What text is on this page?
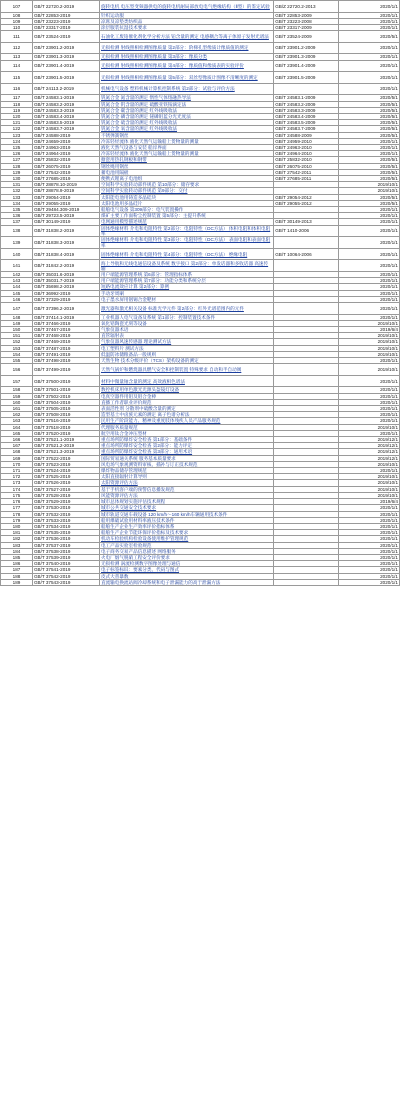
107	GB/T 22720.2-2019	旋转电机 电压型变频器供电的旋转电机耐局部放电电气绝缘结构（Ⅱ型）的鉴定试验	GB/Z 22720.2-2013	2020/1/1
108	GB/T 22853-2019	针织运动服	GB/T 22853-2009	2020/1/1
109	GB/T 23223-2019	凉席及凉垫类纺织品	GB/T 23223-2008	2020/1/1
110	GB/T 23317-2019	涂层服装抗湿技术要求	GB/T 23317-2009	2020/1/1
111	GB/T 23524-2019	石油化工废铂催化剂化学分析方法 铂含量的测定 电感耦合等离子体原子发射光谱法	GB/T 23524-2009	2020/5/1
112	GB/T 23901.2-2019	无损检测 射线照相检测图像质量 第2部分：阶梯孔型像质计像质值的测定	GB/T 23901.2-2009	2020/1/1
113	GB/T 23901.3-2019	无损检测 射线照相检测图像质量 第3部分：像质分类	GB/T 23901.3-2009	2020/1/1
114	GB/T 23901.4-2019	无损检测 射线照相检测图像质量 第4部分：像质值和像质表的实验评价	GB/T 23901.4-2009	2020/1/1
115	GB/T 23901.5-2019	无损检测 射线照相检测图像质量 第5部分：双丝型像质计图像不清晰度的测定	GB/T 23901.5-2009	2020/1/1
116	GB/T 24113.2-2019	机械电气设备 塑料机械计算机控制系统 第2部分：试验与评价方法		2020/1/1
117	GB/T 24583.1-2019	钒氮合金 氮含量的测定 惰性气体熔融热导法	GB/T 24583.1-2009	2020/5/1
118	GB/T 24583.2-2019	钒氮合金 钒含量的测定 硫酸亚铁铵滴定法	GB/T 24583.2-2009	2020/5/1
119	GB/T 24583.3-2019	钒氮合金 碳含量的测定 红外线吸收法	GB/T 24583.3-2009	2020/5/1
120	GB/T 24583.4-2019	钒氮合金 磷含量的测定 铋磷钼蓝分光光度法	GB/T 24583.4-2009	2020/5/1
121	GB/T 24583.5-2019	钒氮合金 硫含量的测定 红外线吸收法	GB/T 24583.5-2009	2020/5/1
122	GB/T 24583.7-2019	钒氮合金 氧含量的测定 红外线吸收法	GB/T 24583.7-2009	2020/5/1
123	GB/T 24588-2019	不锈弹簧钢丝	GB/T 24588-2009	2020/5/1
124	GB/T 24659-2019	冷冻轻烃流体 液化天然气运输船上货物量的测量	GB/T 24959-2010	2020/1/1
125	GB/T 24963-2019	液化天然气设备与安装 船岸界面	GB/T 24963-2010	2020/1/1
126	GB/T 24964-2019	冷冻轻烃流体 液化天然气运输船上货物量的测量	GB/T 24964-2010	2020/1/1
127	GB/T 25832-2019	搪瓷用热轧钢板和钢带	GB/T 25832-2010	2020/5/1
128	GB/T 26075-2019	钢丝绳用钢丝	GB/T 26075-2010	2020/5/1
129	GB/T 27542-2019	蓄电池用隔板	GB/T 27542-2011	2020/5/1
130	GB/T 27685-2019	便携式锂离子电池组	GB/T 27685-2011	2020/5/1
131	GB/T 28878.10-2019	空间科学实验转动部件规范 第10部分：储存要求		2019/10/1
132	GB/T 28878.9-2019	空间科学实验转动部件规范 第9部分：交付		2019/10/1
133	GB/T 29054-2019	太阳能电池用铸造多晶硅块	GB/T 29054-2012	2020/5/1
134	GB/T 29055-2019	太阳电池用多晶硅片	GB/T 29055-2012	2020/5/1
135	GB/T 29484.309-2019	船舶电气设备 第309部分：电气装置操作		2020/1/1
136	GB/T 29723.5-2019	煤矿主要工作面粉尘控制装置 第5部分：主提升系统		2020/1/1
137	GB/T 30149-2019	电网通用模型描述规范	GB/T 30149-2013	2020/1/1
138	GB/T 31838.2-2019	固体绝缘材料 介电和电阻特性 第2部分：电阻特性（DC方法） 体积电阻和体积电阻率	GB/T 1410-2006	2020/1/1
139	GB/T 31838.3-2019	固体绝缘材料 介电和电阻特性 第3部分：电阻特性（DC方法） 表面电阻和表面电阻率		2020/1/1
140	GB/T 31838.4-2019	固体绝缘材料 介电和电阻特性 第4部分：电阻特性（DC方法） 绝缘电阻	GB/T 10064-2006	2020/1/1
141	GB/T 31842.2-2019	海上导航和无线电通信设备及系统 数字接口 第2部分：单发话器和多收话器 高速传输		2020/1/1
142	GB/T 35031.6-2019	用户端能源管理系统 第6部分：管理指标体系		2020/1/1
143	GB/T 35031.7-2019	用户端能源管理系统 第7部分：功能分类和系统分层		2020/1/1
144	GB/T 35698.2-2019	短路电流效应计算 第2部分：算例		2020/1/1
145	GB/T 36992-2019	手动牙周刷		2020/1/1
146	GB/T 37329-2019	电子墨水屏用铟锡合金靶材		2020/1/1
147	GB/T 37396.2-2019	激光器和激光相关设备 标准光学元件 第2部分：红外光谱范围内的元件		2020/1/1
148	GB/T 37414.1-2019	工业机器人电气设备及系统 第1部分：控制装置技术条件		2020/1/1
149	GB/T 37466-2019	氧化锆陶瓷光刻等设备		2019/10/1
150	GB/T 37467-2019	气象仪器术语		2019/6/4
151	GB/T 37468-2019	直管辐射表		2019/10/1
152	GB/T 37469-2019	气象仪器风速传感器 理论测试方法		2019/10/1
153	GB/T 37487-2019	电工塑料片 测试方法		2019/10/1
154	GB/T 37491-2019	低温防冰储粮备品一般规则		2019/10/1
155	GB/T 37498-2019	天然生物 技术分级评价（TCS）架构设备的测定		2020/1/1
156	GB/T 37499-2019	天然气锅炉和燃烧器具燃气安全和控制装置 特殊要求 自动和半自动阀		2019/10/1
157	GB/T 37500-2019	材料中微量铀含量的测定 高效液相色谱法		2020/1/1
158	GB/T 37501-2019	数控机床用单色激光光源头盔镜灯设备		2020/1/1
159	GB/T 37502-2019	电真空器件用钼及钼合金棒		2020/1/1
160	GB/T 37504-2019	直播工作者职业评价规范		2020/1/1
161	GB/T 37505-2019	表面活性剂 分散剂中硫酸含量的测定		2020/1/1
162	GB/T 37508-2019	造型基土中卤族元素的测定 离子色谱分析法		2020/1/1
163	GB/T 37516-2019	民用生产阶段能力、精神及重度肢体残疾人员产品服务规范		2020/1/1
164	GB/T 37518-2019	代理服务质量规范		2019/10/1
165	GB/T 37520-2019	航空用钛合金冲压型材		2020/1/1
166	GB/T 37521.1-2019	重点场所防爆炸安全检查 第1部分：基础条件		2019/12/1
167	GB/T 37521.2-2019	重点场所防爆炸安全检查 第2部分：能力评定		2019/12/1
168	GB/T 37521.3-2019	重点场所防爆炸安全检查 第3部分：通用术语		2019/12/1
169	GB/T 37522-2019	国际贸易通关系统 服务基本质量要求		2019/12/1
170	GB/T 37523-2019	风电场气象观测资料审核、插补与订正技术规范		2019/10/1
171	GB/T 37524-2019	爆炸物品储存管理规范		2020/1/1
172	GB/T 37525-2019	太阳直接辐射计算导则		2019/10/1
173	GB/T 37526-2019	太阳资源评估方法		2019/10/1
174	GB/T 37527-2019	基于手机客户端的预警信息播发规范		2019/10/1
175	GB/T 37528-2019	风能资源评估方法		2019/10/1
176	GB/T 37529-2019	城市总体规划实施评估技术规程		2019/6/4
177	GB/T 37530-2019	城市公共交通安全技术要求		2020/1/1
178	GB/T 37532-2019	城市轨道交通车载设备 120 km/h～160 km/h车辆通用技术条件		2020/1/1
179	GB/T 37533-2019	船用爆破试验用材料率液压技术条件		2020/1/1
180	GB/T 37534-2019	船舶生产企业生产效率评价指标体系		2020/1/1
181	GB/T 37535-2019	船舶生产企业节能环保评价指标及技术要求		2020/1/1
182	GB/T 37536-2019	机动车检验机构检验设备使用维护管理规范		2020/1/1
183	GB/T 37537-2019	电工产品实验室检验规范		2020/1/1
184	GB/T 37538-2019	电子商务交易产品信息描述 网络服务		2020/1/1
185	GB/T 37539-2019	火电厂烟气脱硝工程安全评价要求		2020/1/1
186	GB/T 37540-2019	无损检测 涡流检测数字图像处理与通信		2020/1/1
187	GB/T 37541-2019	电子标签标识：要素分类、代码与图式		2020/1/1
188	GB/T 37542-2019	皮式大普暴数		2020/1/1
189	GB/T 37543-2019	直流输电换流站阀冷却系统和电子泄漏能力的高于泄漏方法		2020/1/1
